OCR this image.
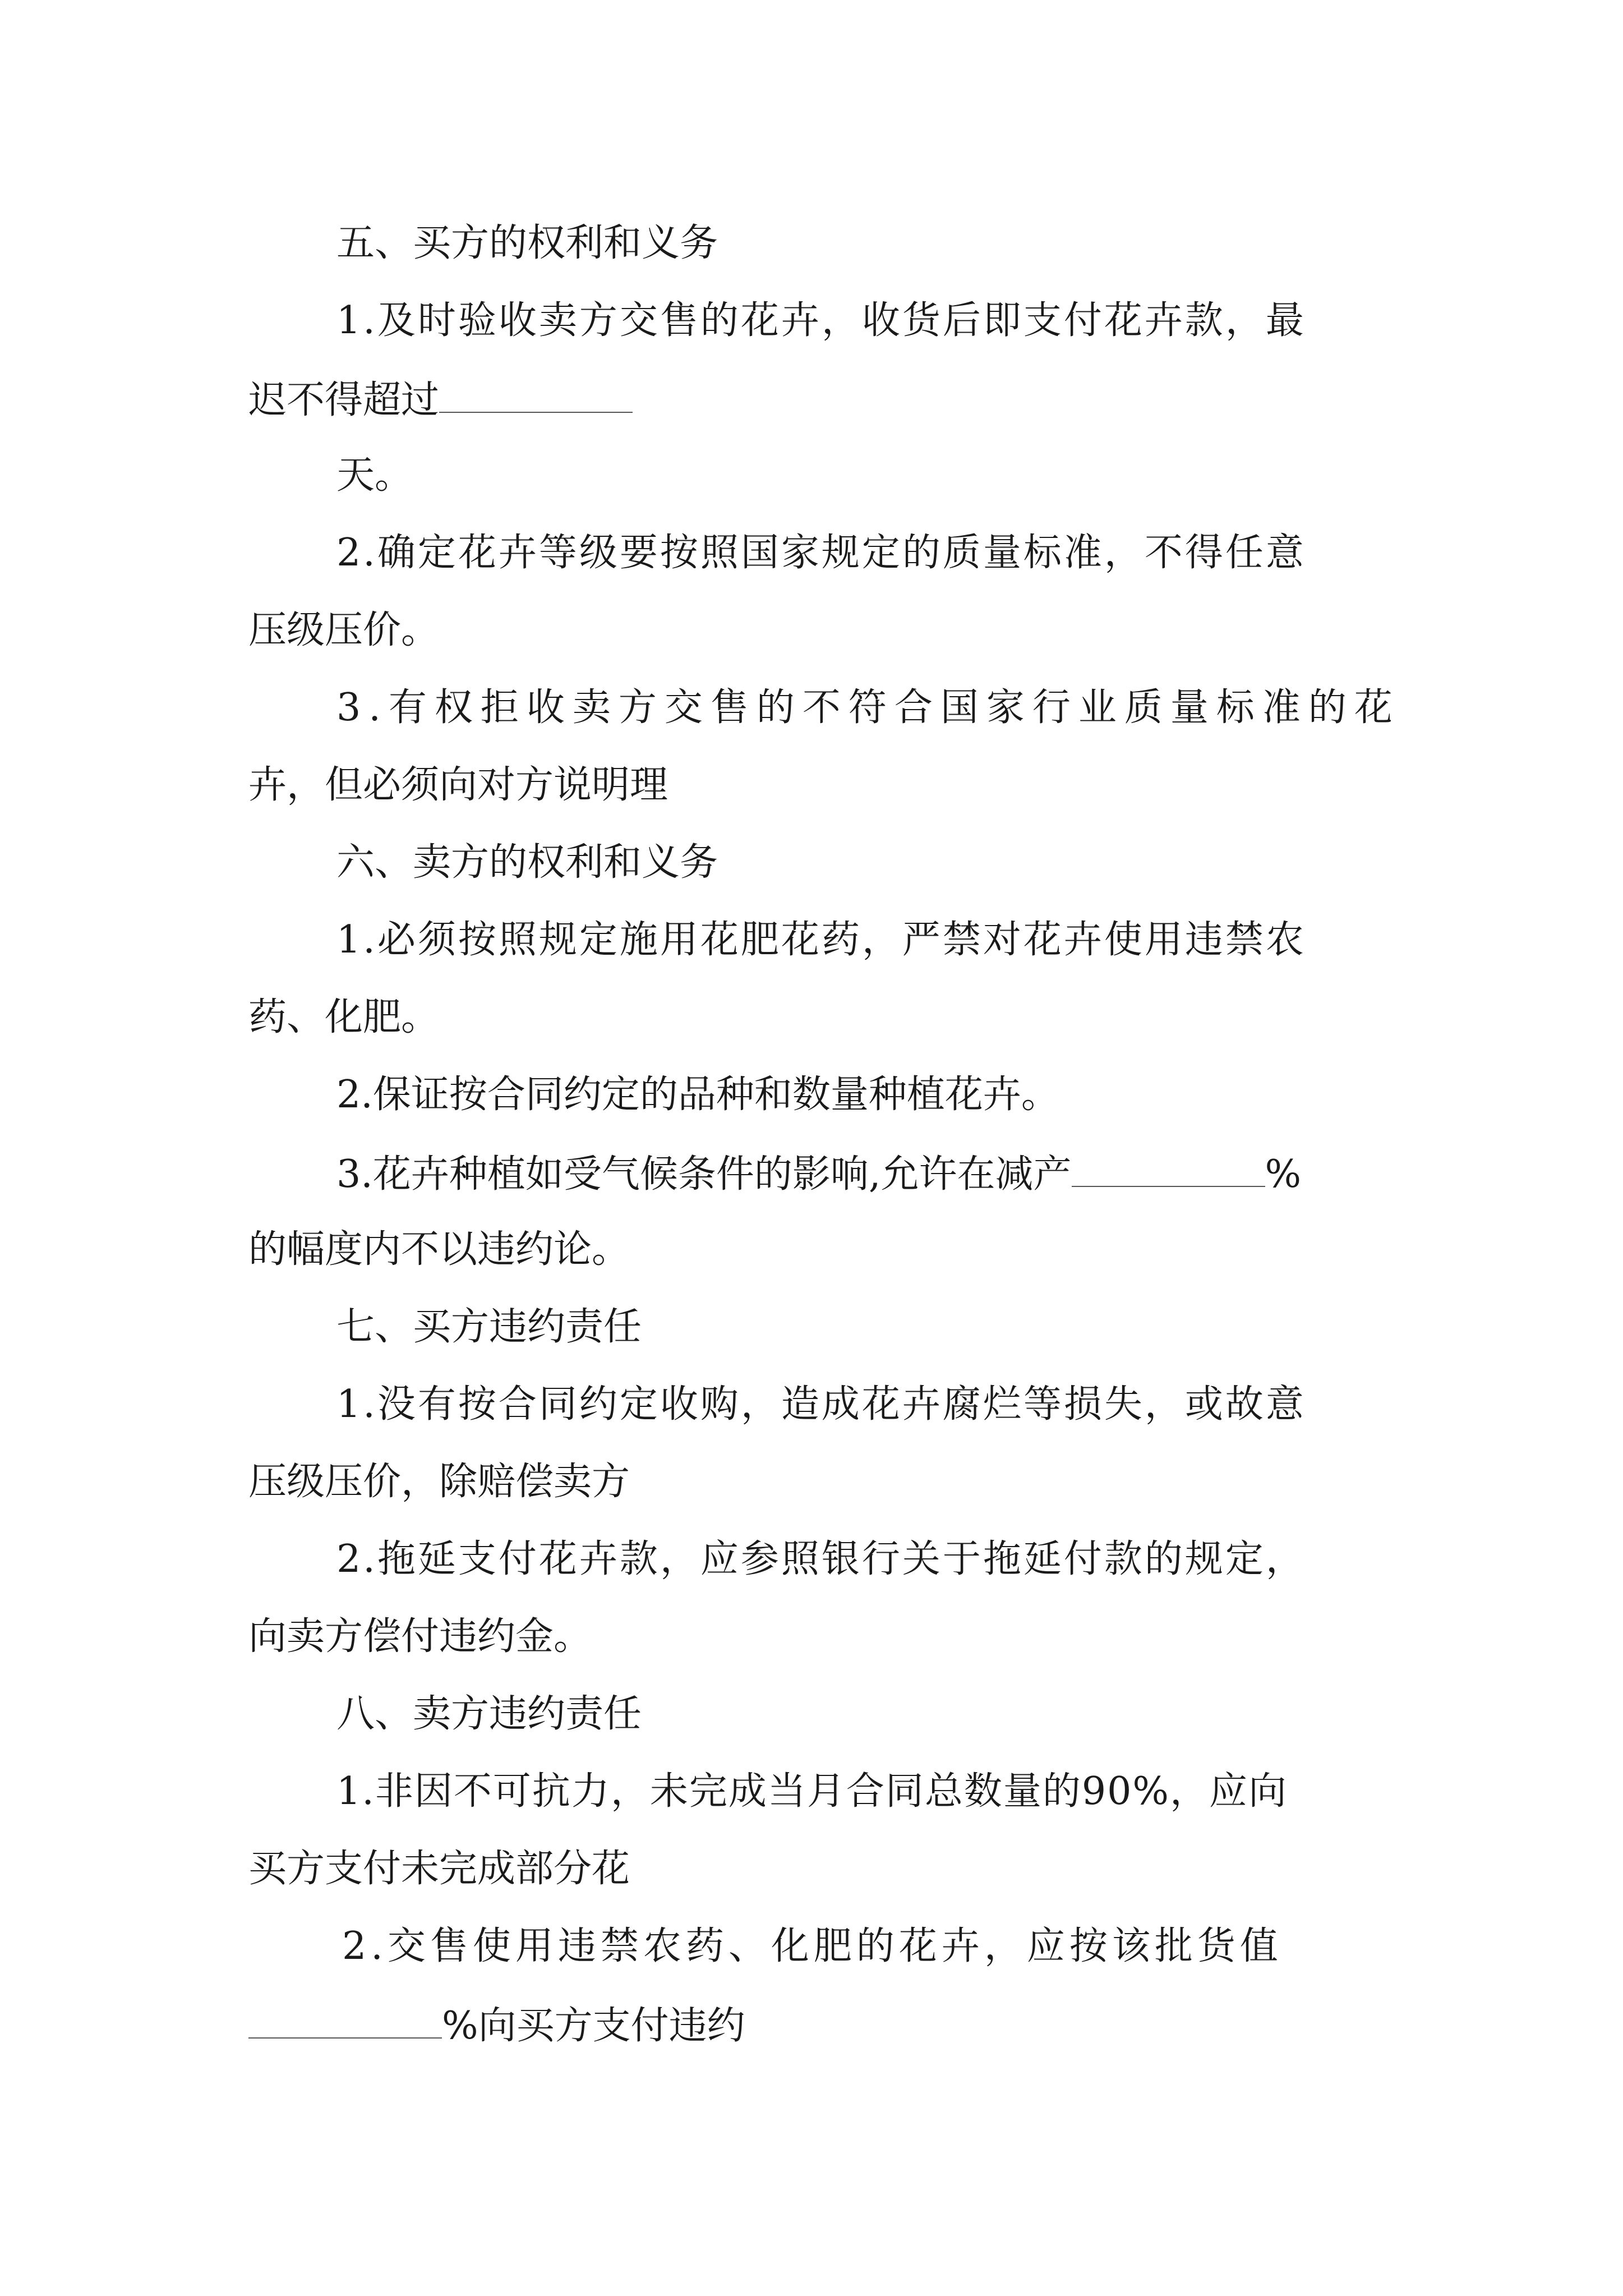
五、买方的权利和义务
1.及时验收卖方交售的花卉，收货后即支付花卉款，最
迟不得超过
天。
2.确定花卉等级要按照国家规定的质量标准，不得任意
压级压价。
3.有权拒收卖方交售的不符合国家行业质量标准的花
卉，但必须向对方说明理
六、卖方的权利和义务
1.必须按照规定施用花肥花药，严禁对花卉使用违禁农
药、化肥。
2.保证按合同约定的品种和数量种植花卉。
3.花卉种植如受气候条件的影响,允许在减产	%
的幅度内不以违约论。
七、买方违约责任
1.没有按合同约定收购，造成花卉腐烂等损失，或故意
压级压价，除赔偿卖方
2.拖延支付花卉款，应参照银行关于拖延付款的规定，
向卖方偿付违约金。
八、卖方违约责任
1.非因不可抗力，未完成当月合同总数量的90%，应向
买方支付未完成部分花
2.交售使用违禁农药、化肥的花卉，应按该批货值
%向买方支付违约
